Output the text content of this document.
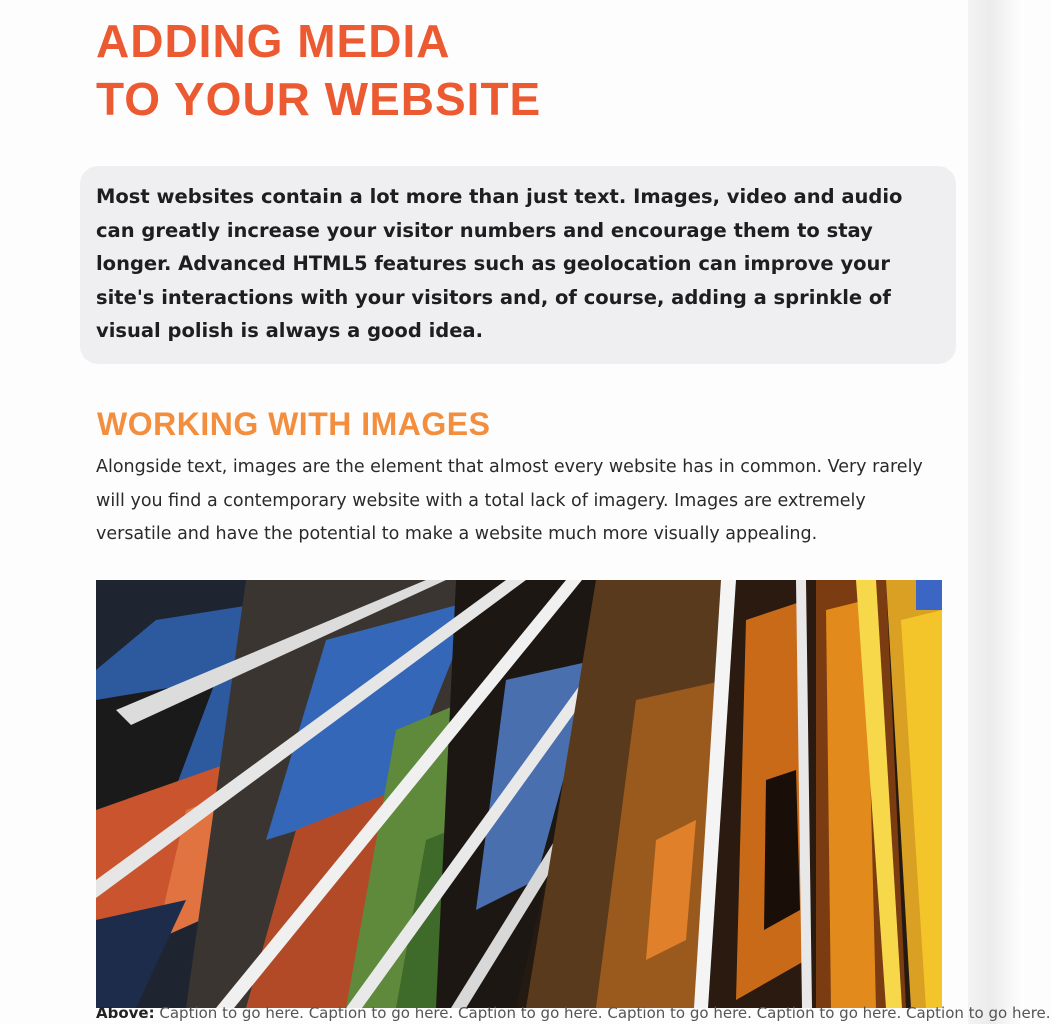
ADDING MEDIA
TO YOUR WEBSITE

Most websites contain a lot more than just text. Images, video and audio can greatly increase your visitor numbers and encourage them to stay longer. Advanced HTML5 features such as geolocation can improve your site's interactions with your visitors and, of course, adding a sprinkle of visual polish is always a good idea.

WORKING WITH IMAGES

Alongside text, images are the element that almost every website has in common. Very rarely will you find a contemporary website with a total lack of imagery. Images are extremely versatile and have the potential to make a website much more visually appealing.

Above: Caption to go here. Caption to go here. Caption to go here. Caption to go here. Caption to go here. Caption to go here.
